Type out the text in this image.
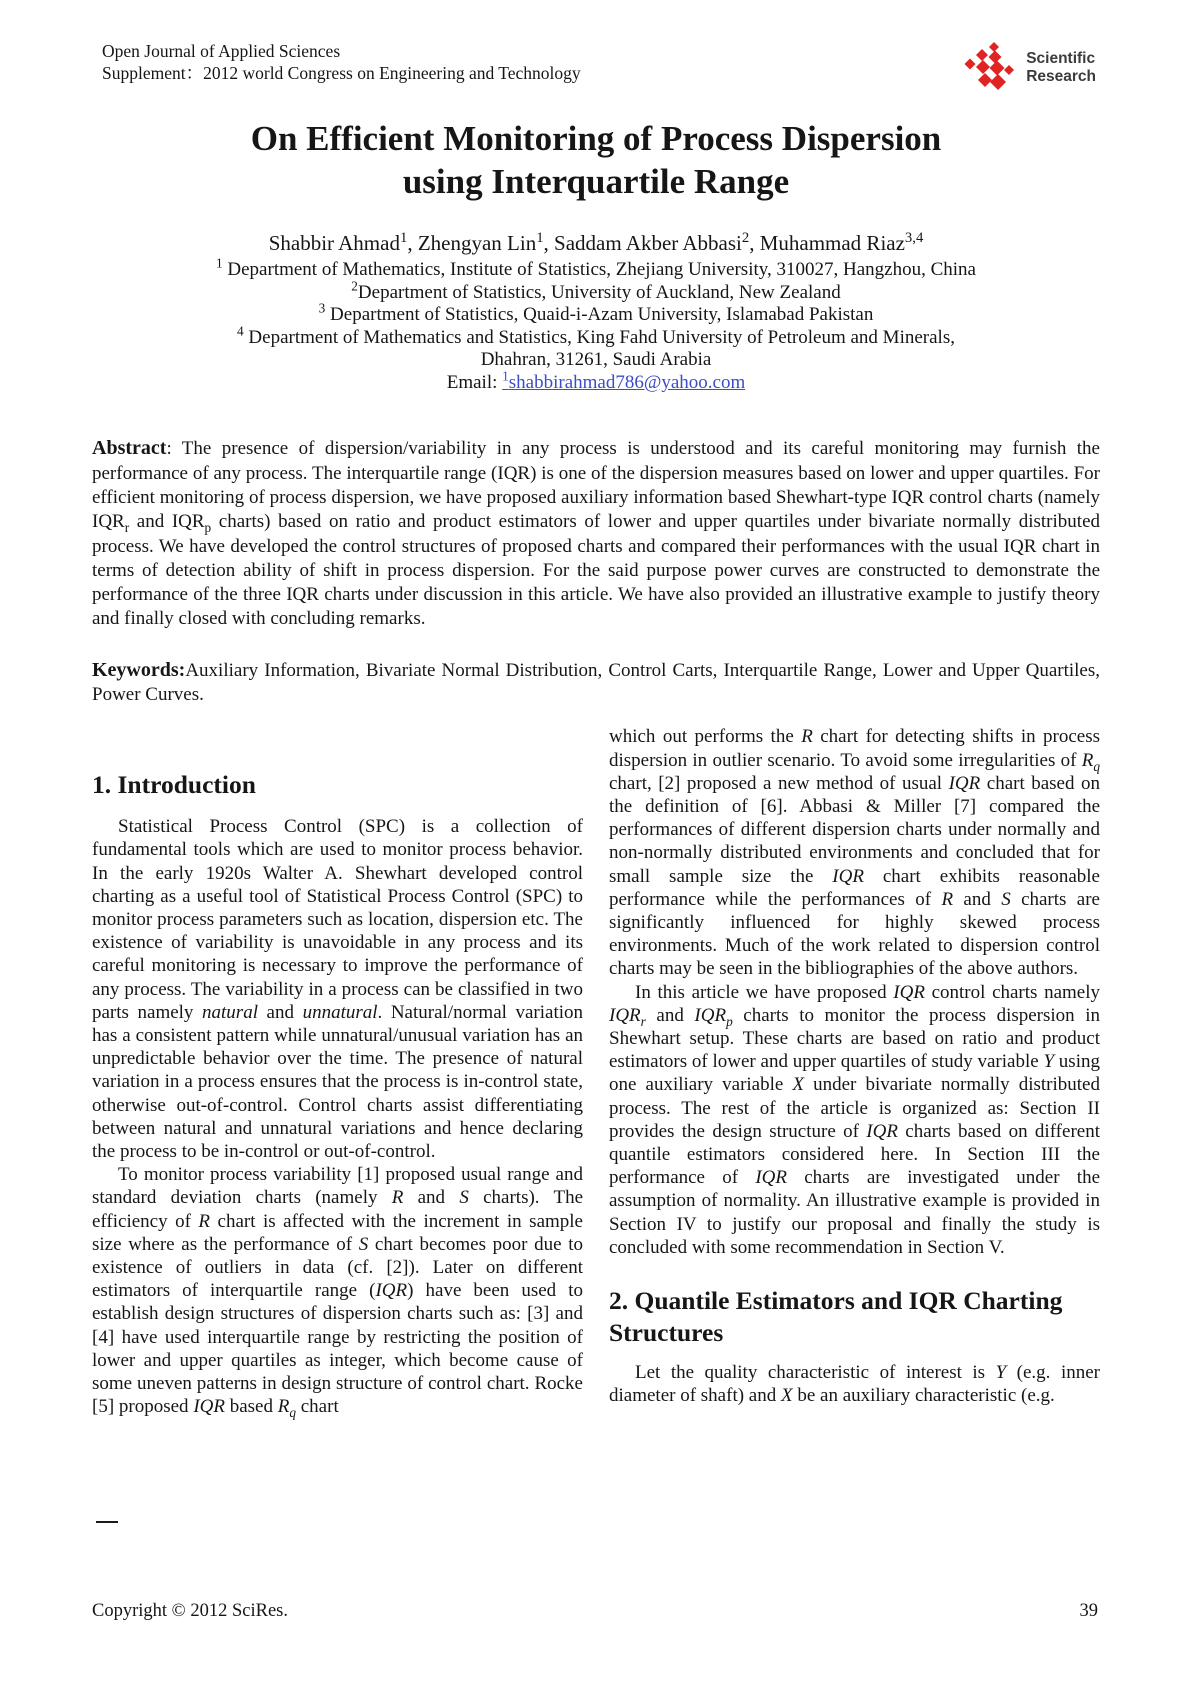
Open Journal of Applied Sciences
Supplement：2012 world Congress on Engineering and Technology
Scientific
Research
On Efficient Monitoring of Process Dispersion
using Interquartile Range
Shabbir Ahmad$^1$, Zhengyan Lin$^1$, Saddam Akber Abbasi$^2$, Muhammad Riaz$^{3,4}$
$^1$ Department of Mathematics, Institute of Statistics, Zhejiang University, 310027, Hangzhou, China
$^2$Department of Statistics, University of Auckland, New Zealand
$^3$ Department of Statistics, Quaid-i-Azam University, Islamabad Pakistan
$^4$ Department of Mathematics and Statistics, King Fahd University of Petroleum and Minerals,
Dhahran, 31261, Saudi Arabia
Email: $^1$shabbirahmad786@yahoo.com

Abstract: The presence of dispersion/variability in any process is understood and its careful monitoring may furnish the performance of any process. The interquartile range (IQR) is one of the dispersion measures based on lower and upper quartiles. For efficient monitoring of process dispersion, we have proposed auxiliary information based Shewhart-type IQR control charts (namely $IQR_r$ and $IQR_p$ charts) based on ratio and product estimators of lower and upper quartiles under bivariate normally distributed process. We have developed the control structures of proposed charts and compared their performances with the usual IQR chart in terms of detection ability of shift in process dispersion. For the said purpose power curves are constructed to demonstrate the performance of the three IQR charts under discussion in this article. We have also provided an illustrative example to justify theory and finally closed with concluding remarks.

Keywords:Auxiliary Information, Bivariate Normal Distribution, Control Carts, Interquartile Range, Lower and Upper Quartiles, Power Curves.

1. Introduction

Statistical Process Control (SPC) is a collection of fundamental tools which are used to monitor process behavior. In the early 1920s Walter A. Shewhart developed control charting as a useful tool of Statistical Process Control (SPC) to monitor process parameters such as location, dispersion etc. The existence of variability is unavoidable in any process and its careful monitoring is necessary to improve the performance of any process. The variability in a process can be classified in two parts namely natural and unnatural. Natural/normal variation has a consistent pattern while unnatural/unusual variation has an unpredictable behavior over the time. The presence of natural variation in a process ensures that the process is in-control state, otherwise out-of-control. Control charts assist differentiating between natural and unnatural variations and hence declaring the process to be in-control or out-of-control.

To monitor process variability [1] proposed usual range and standard deviation charts (namely R and S charts). The efficiency of R chart is affected with the increment in sample size where as the performance of S chart becomes poor due to existence of outliers in data (cf. [2]). Later on different estimators of interquartile range (IQR) have been used to establish design structures of dispersion charts such as: [3] and [4] have used interquartile range by restricting the position of lower and upper quartiles as integer, which become cause of some uneven patterns in design structure of control chart. Rocke [5] proposed IQR based $R_q$ chart

which out performs the R chart for detecting shifts in process dispersion in outlier scenario. To avoid some irregularities of $R_q$ chart, [2] proposed a new method of usual IQR chart based on the definition of [6]. Abbasi & Miller [7] compared the performances of different dispersion charts under normally and non-normally distributed environments and concluded that for small sample size the IQR chart exhibits reasonable performance while the performances of R and S charts are significantly influenced for highly skewed process environments. Much of the work related to dispersion control charts may be seen in the bibliographies of the above authors.

In this article we have proposed IQR control charts namely $IQR_r$ and $IQR_p$ charts to monitor the process dispersion in Shewhart setup. These charts are based on ratio and product estimators of lower and upper quartiles of study variable Y using one auxiliary variable X under bivariate normally distributed process. The rest of the article is organized as: Section II provides the design structure of IQR charts based on different quantile estimators considered here. In Section III the performance of IQR charts are investigated under the assumption of normality. An illustrative example is provided in Section IV to justify our proposal and finally the study is concluded with some recommendation in Section V.

2. Quantile Estimators and IQR Charting Structures

Let the quality characteristic of interest is Y (e.g. inner diameter of shaft) and X be an auxiliary characteristic (e.g.

Copyright © 2012 SciRes.	39
